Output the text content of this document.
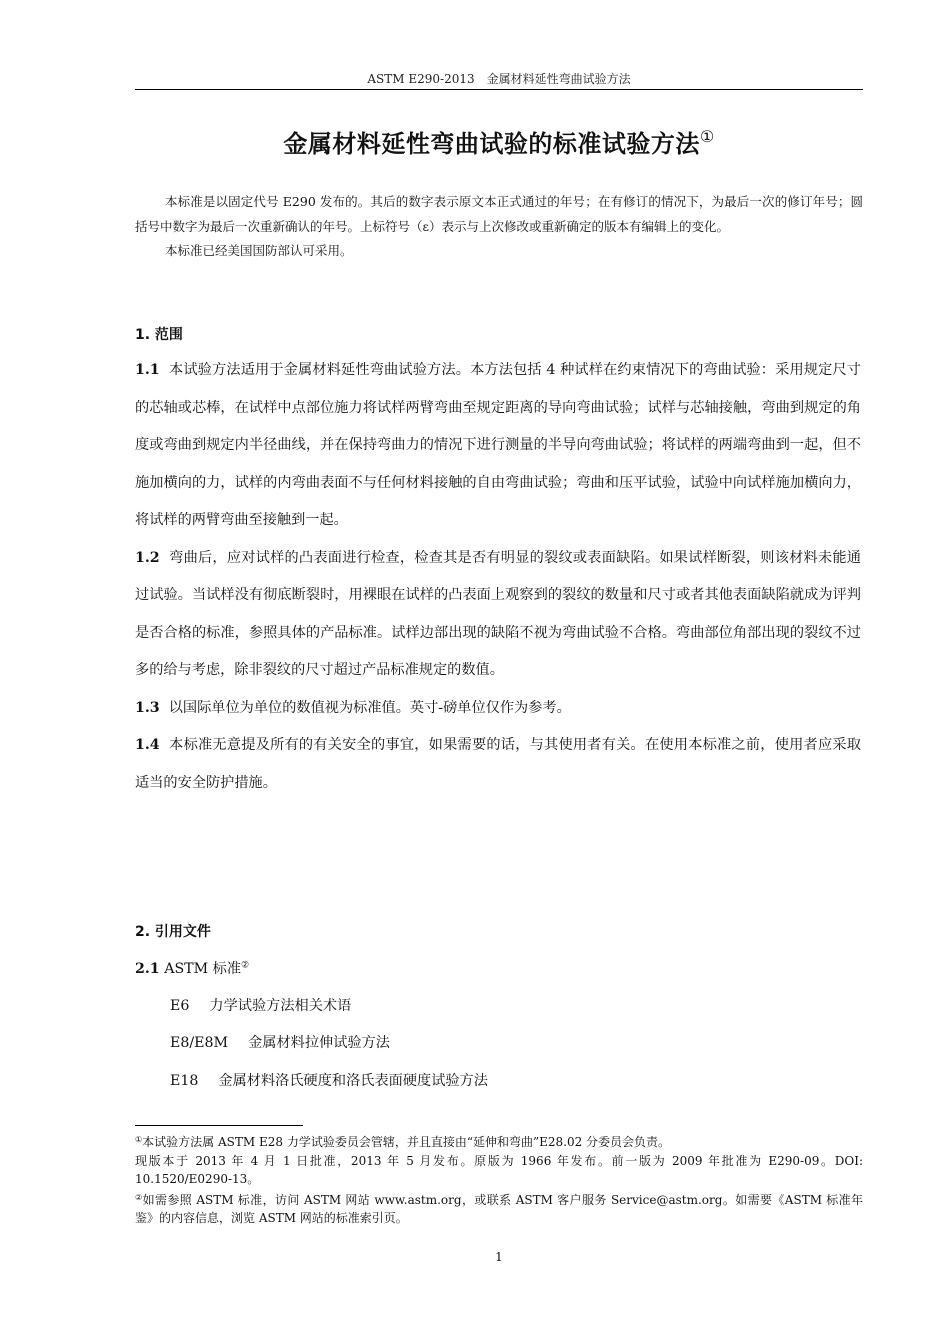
ASTM E290-2013　金属材料延性弯曲试验方法
金属材料延性弯曲试验的标准试验方法①

本标准是以固定代号 E290 发布的。其后的数字表示原文本正式通过的年号；在有修订的情况下，为最后一次的修订年号；圆括号中数字为最后一次重新确认的年号。上标符号（ε）表示与上次修改或重新确定的版本有编辑上的变化。

本标准已经美国国防部认可采用。

1. 范围

1.1 本试验方法适用于金属材料延性弯曲试验方法。本方法包括 4 种试样在约束情况下的弯曲试验：采用规定尺寸的芯轴或芯棒，在试样中点部位施力将试样两臂弯曲至规定距离的导向弯曲试验；试样与芯轴接触，弯曲到规定的角度或弯曲到规定内半径曲线，并在保持弯曲力的情况下进行测量的半导向弯曲试验；将试样的两端弯曲到一起，但不施加横向的力，试样的内弯曲表面不与任何材料接触的自由弯曲试验；弯曲和压平试验，试验中向试样施加横向力，将试样的两臂弯曲至接触到一起。

1.2 弯曲后，应对试样的凸表面进行检查，检查其是否有明显的裂纹或表面缺陷。如果试样断裂，则该材料未能通过试验。当试样没有彻底断裂时，用裸眼在试样的凸表面上观察到的裂纹的数量和尺寸或者其他表面缺陷就成为评判是否合格的标准，参照具体的产品标准。试样边部出现的缺陷不视为弯曲试验不合格。弯曲部位角部出现的裂纹不过多的给与考虑，除非裂纹的尺寸超过产品标准规定的数值。

1.3 以国际单位为单位的数值视为标准值。英寸-磅单位仅作为参考。

1.4 本标准无意提及所有的有关安全的事宜，如果需要的话，与其使用者有关。在使用本标准之前，使用者应采取适当的安全防护措施。

2. 引用文件
2.1 ASTM 标准②
E6 力学试验方法相关术语
E8/E8M 金属材料拉伸试验方法
E18 金属材料洛氏硬度和洛氏表面硬度试验方法

①本试验方法属 ASTM E28 力学试验委员会管辖，并且直接由“延伸和弯曲”E28.02 分委员会负责。

现版本于 2013 年 4 月 1 日批准，2013 年 5 月发布。原版为 1966 年发布。前一版为 2009 年批准为 E290-09。DOI: 10.1520/E0290-13。

②如需参照 ASTM 标准，访问 ASTM 网站 www.astm.org，或联系 ASTM 客户服务 Service@astm.org。如需要《ASTM 标准年鉴》的内容信息，浏览 ASTM 网站的标准索引页。

1
